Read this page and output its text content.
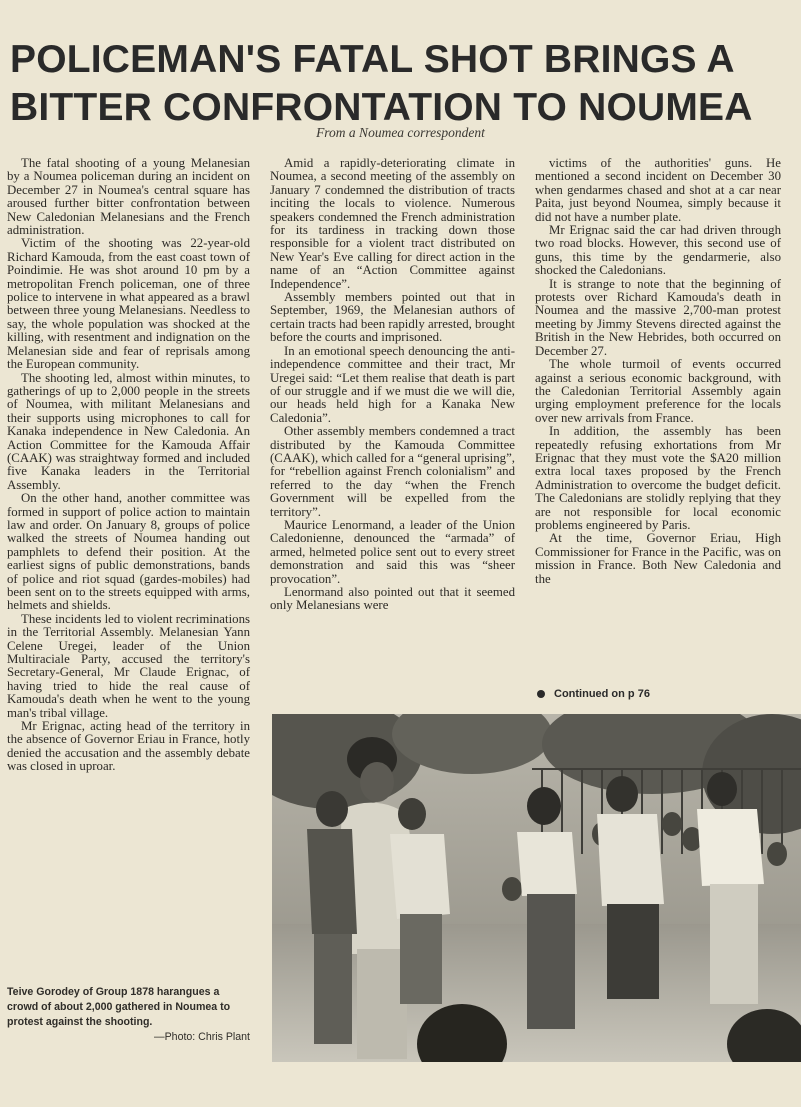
POLICEMAN'S FATAL SHOT BRINGS A
BITTER CONFRONTATION TO NOUMEA
From a Noumea correspondent

The fatal shooting of a young Melanesian by a Noumea policeman during an incident on December 27 in Noumea's central square has aroused further bitter confrontation between New Caledonian Melanesians and the French administration.

Victim of the shooting was 22-year-old Richard Kamouda, from the east coast town of Poindimie. He was shot around 10 pm by a metropolitan French policeman, one of three police to intervene in what appeared as a brawl between three young Melanesians. Needless to say, the whole population was shocked at the killing, with resentment and indignation on the Melanesian side and fear of reprisals among the European community.

The shooting led, almost within minutes, to gatherings of up to 2,000 people in the streets of Noumea, with militant Melanesians and their supports using microphones to call for Kanaka independence in New Caledonia. An Action Committee for the Kamouda Affair (CAAK) was straightway formed and included five Kanaka leaders in the Territorial Assembly.

On the other hand, another committee was formed in support of police action to maintain law and order. On January 8, groups of police walked the streets of Noumea handing out pamphlets to defend their position. At the earliest signs of public demonstrations, bands of police and riot squad (gardes-mobiles) had been sent on to the streets equipped with arms, helmets and shields.

These incidents led to violent recriminations in the Territorial Assembly. Melanesian Yann Celene Uregei, leader of the Union Multiraciale Party, accused the territory's Secretary-General, Mr Claude Erignac, of having tried to hide the real cause of Kamouda's death when he went to the young man's tribal village.

Mr Erignac, acting head of the territory in the absence of Governor Eriau in France, hotly denied the accusation and the assembly debate was closed in uproar.

Amid a rapidly-deteriorating climate in Noumea, a second meeting of the assembly on January 7 condemned the distribution of tracts inciting the locals to violence. Numerous speakers condemned the French administration for its tardiness in tracking down those responsible for a violent tract distributed on New Year's Eve calling for direct action in the name of an “Action Committee against Independence”.

Assembly members pointed out that in September, 1969, the Melanesian authors of certain tracts had been rapidly arrested, brought before the courts and imprisoned.

In an emotional speech denouncing the anti-independence committee and their tract, Mr Uregei said: “Let them realise that death is part of our struggle and if we must die we will die, our heads held high for a Kanaka New Caledonia”.

Other assembly members condemned a tract distributed by the Kamouda Committee (CAAK), which called for a “general uprising”, for “rebellion against French colonialism” and referred to the day “when the French Government will be expelled from the territory”.

Maurice Lenormand, a leader of the Union Caledonienne, denounced the “armada” of armed, helmeted police sent out to every street demonstration and said this was “sheer provocation”.

Lenormand also pointed out that it seemed only Melanesians were

victims of the authorities' guns. He mentioned a second incident on December 30 when gendarmes chased and shot at a car near Paita, just beyond Noumea, simply because it did not have a number plate.

Mr Erignac said the car had driven through two road blocks. However, this second use of guns, this time by the gendarmerie, also shocked the Caledonians.

It is strange to note that the beginning of protests over Richard Kamouda's death in Noumea and the massive 2,700-man protest meeting by Jimmy Stevens directed against the British in the New Hebrides, both occurred on December 27.

The whole turmoil of events occurred against a serious economic background, with the Caledonian Territorial Assembly again urging employment preference for the locals over new arrivals from France.

In addition, the assembly has been repeatedly refusing exhortations from Mr Erignac that they must vote the $A20 million extra local taxes proposed by the French Administration to overcome the budget deficit. The Caledonians are stolidly replying that they are not responsible for local economic problems engineered by Paris.

At the time, Governor Eriau, High Commissioner for France in the Pacific, was on mission in France. Both New Caledonia and the

Continued on p 76
Teive Gorodey of Group 1878 harangues a crowd of about 2,000 gathered in Noumea to protest against the shooting.
—Photo: Chris Plant
